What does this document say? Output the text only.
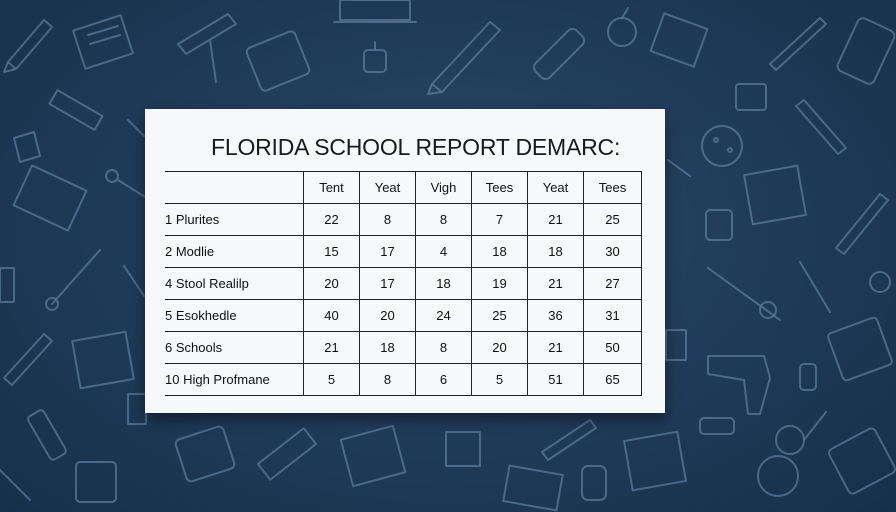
FLORIDA SCHOOL REPORT DEMARC:
	Tent	Yeat	Vigh	Tees	Yeat	Tees
1 Plurites	22	8	8	7	21	25
2 Modlie	15	17	4	18	18	30
4 Stool Realilp	20	17	18	19	21	27
5 Esokhedle	40	20	24	25	36	31
6 Schools	21	18	8	20	21	50
10 High Profmane	5	8	6	5	51	65
